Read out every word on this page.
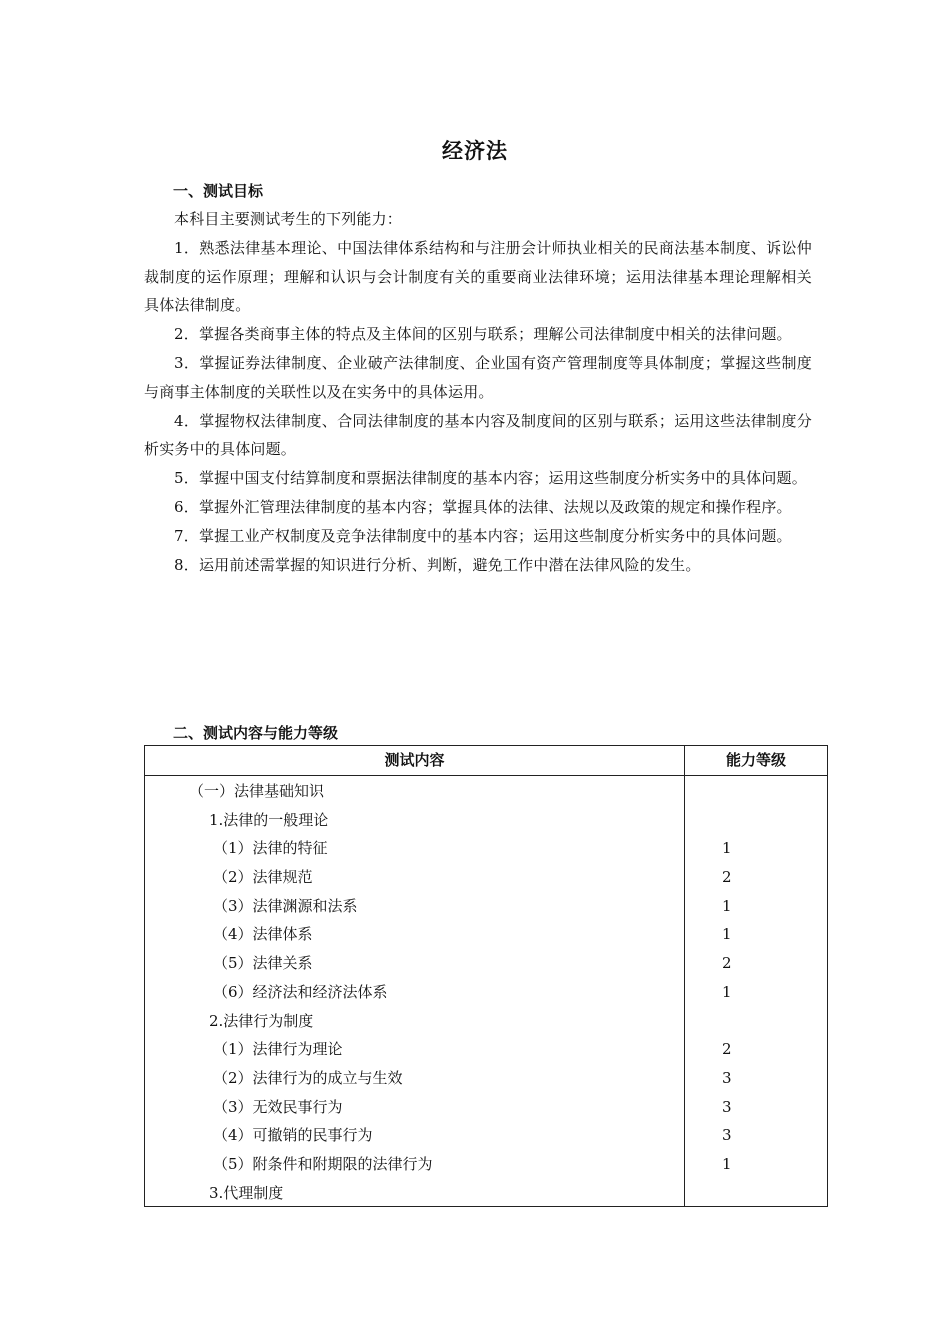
经济法
一、测试目标

本科目主要测试考生的下列能力：

1．熟悉法律基本理论、中国法律体系结构和与注册会计师执业相关的民商法基本制度、诉讼仲裁制度的运作原理；理解和认识与会计制度有关的重要商业法律环境；运用法律基本理论理解相关具体法律制度。

2．掌握各类商事主体的特点及主体间的区别与联系；理解公司法律制度中相关的法律问题。

3．掌握证券法律制度、企业破产法律制度、企业国有资产管理制度等具体制度；掌握这些制度与商事主体制度的关联性以及在实务中的具体运用。

4．掌握物权法律制度、合同法律制度的基本内容及制度间的区别与联系；运用这些法律制度分析实务中的具体问题。

5．掌握中国支付结算制度和票据法律制度的基本内容；运用这些制度分析实务中的具体问题。

6．掌握外汇管理法律制度的基本内容；掌握具体的法律、法规以及政策的规定和操作程序。

7．掌握工业产权制度及竞争法律制度中的基本内容；运用这些制度分析实务中的具体问题。

8．运用前述需掌握的知识进行分析、判断，避免工作中潜在法律风险的发生。

二、测试内容与能力等级
测试内容	能力等级
（一）法律基础知识
1.法律的一般理论
（1）法律的特征	1
（2）法律规范	2
（3）法律渊源和法系	1
（4）法律体系	1
（5）法律关系	2
（6）经济法和经济法体系	1
2.法律行为制度
（1）法律行为理论	2
（2）法律行为的成立与生效	3
（3）无效民事行为	3
（4）可撤销的民事行为	3
（5）附条件和附期限的法律行为	1
3.代理制度
